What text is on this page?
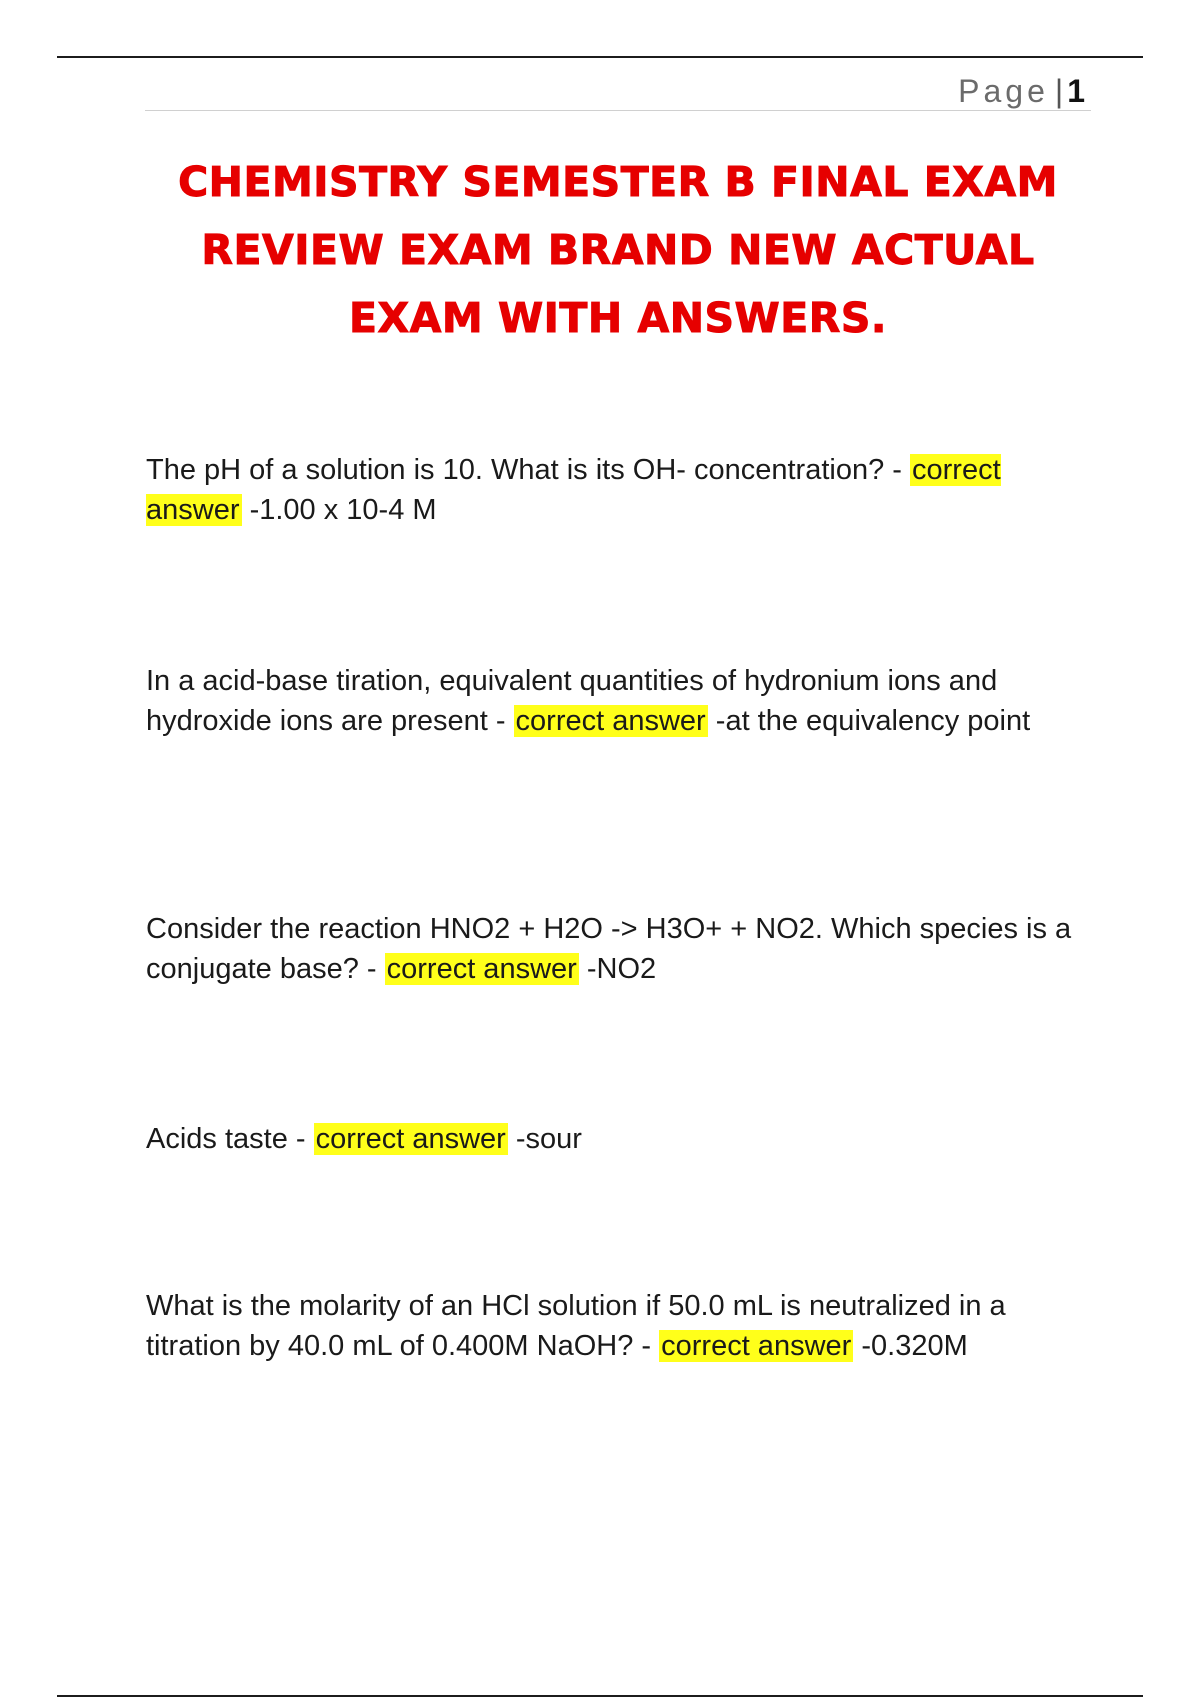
Page | 1
CHEMISTRY SEMESTER B FINAL EXAM REVIEW EXAM BRAND NEW ACTUAL EXAM WITH ANSWERS.

The pH of a solution is 10. What is its OH- concentration? - correct answer -1.00 x 10-4 M

In a acid-base tiration, equivalent quantities of hydronium ions and hydroxide ions are present - correct answer -at the equivalency point

Consider the reaction HNO2 + H2O -> H3O+ + NO2. Which species is a conjugate base? - correct answer -NO2

Acids taste - correct answer -sour

What is the molarity of an HCl solution if 50.0 mL is neutralized in a titration by 40.0 mL of 0.400M NaOH? - correct answer -0.320M
